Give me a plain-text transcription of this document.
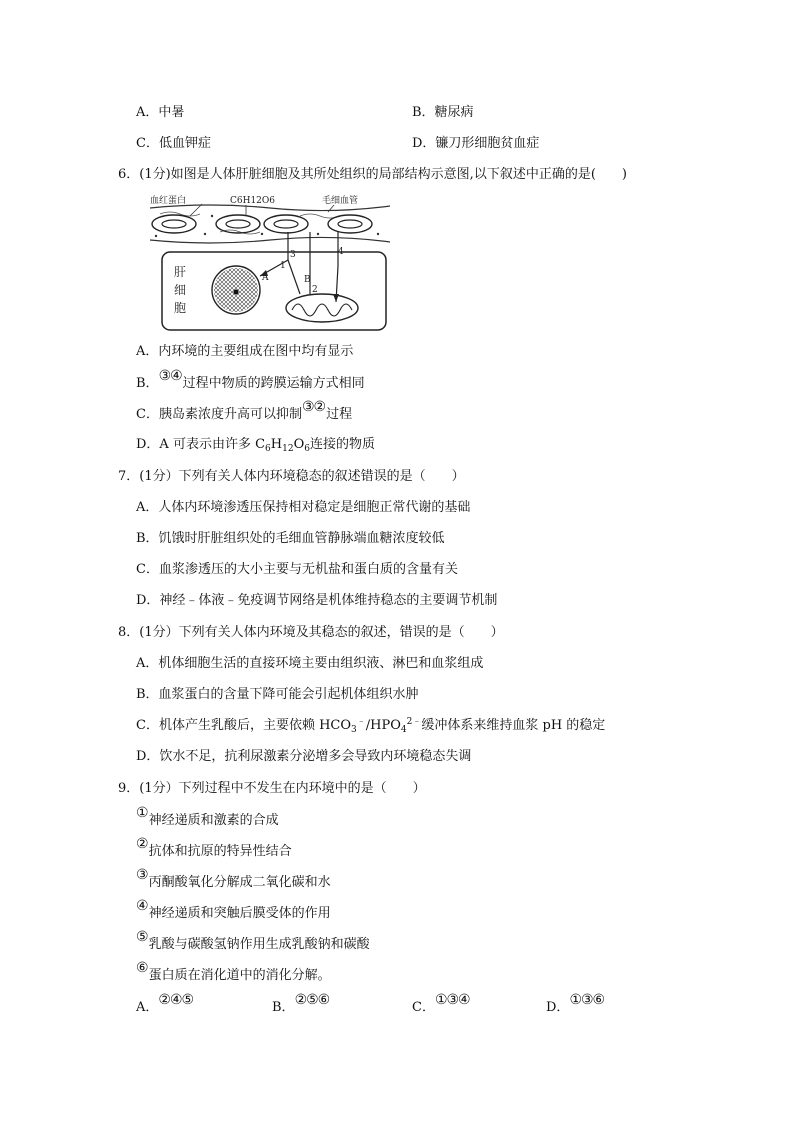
A．中暑	B．糖尿病
C．低血钾症	D．镰刀形细胞贫血症
6．(1分)如图是人体肝脏细胞及其所处组织的局部结构示意图,以下叙述中正确的是(　　)
血红蛋白	C6H12O6	毛细血管
3	4
1
2
A	B
肝
细
胞
A．内环境的主要组成在图中均有显示
B．③④过程中物质的跨膜运输方式相同
C．胰岛素浓度升高可以抑制③②过程
D．A 可表示由许多 $C_6H_{12}O_6$连接的物质
7．(1分）下列有关人体内环境稳态的叙述错误的是（　　）
A．人体内环境渗透压保持相对稳定是细胞正常代谢的基础
B．饥饿时肝脏组织处的毛细血管静脉端血糖浓度较低
C．血浆渗透压的大小主要与无机盐和蛋白质的含量有关
D．神经﹣体液﹣免疫调节网络是机体维持稳态的主要调节机制
8．(1分）下列有关人体内环境及其稳态的叙述，错误的是（　　）
A．机体细胞生活的直接环境主要由组织液、淋巴和血浆组成
B．血浆蛋白的含量下降可能会引起机体组织水肿
C．机体产生乳酸后，主要依赖 $HCO_3^﹣/HPO_4^{2﹣}$缓冲体系来维持血浆 pH 的稳定
D．饮水不足，抗利尿激素分泌增多会导致内环境稳态失调
9．(1分）下列过程中不发生在内环境中的是（　　）
①神经递质和激素的合成
②抗体和抗原的特异性结合
③丙酮酸氧化分解成二氧化碳和水
④神经递质和突触后膜受体的作用
⑤乳酸与碳酸氢钠作用生成乳酸钠和碳酸
⑥蛋白质在消化道中的消化分解。
A．②④⑤	B．②⑤⑥	C．①③④	D．①③⑥
